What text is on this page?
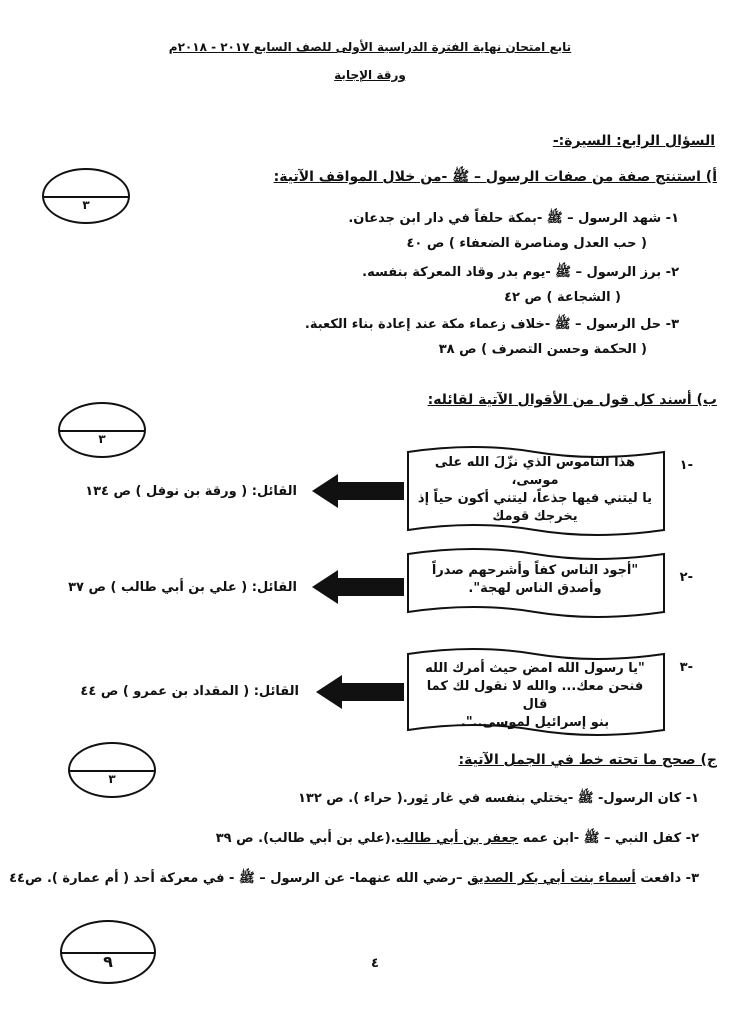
تابع امتحان نهاية الفترة الدراسية الأولى للصف السابع ٢٠١٧ - ٢٠١٨م
ورقة الإجابة
السؤال الرابع: السيرة:-
أ) استنتج صفة من صفات الرسول – ﷺ -من خلال المواقف الآتية:
٣
١- شهد الرسول – ﷺ -بمكة حلفاً في دار ابن جدعان.
( حب العدل ومناصرة الضعفاء ) ص ٤٠
٢- برز الرسول – ﷺ -يوم بدر وقاد المعركة بنفسه.
( الشجاعة ) ص ٤٢
٣- حل الرسول – ﷺ -خلاف زعماء مكة عند إعادة بناء الكعبة.
( الحكمة وحسن التصرف ) ص ٣٨
ب) أسند كل قول من الأقوال الآتية لقائله:
٣
١-
هذا الناموس الذي نزّلَ الله على موسى،
يا ليتني فيها جذعاً، ليتني أكون حياً إذ
يخرجك قومك
القائل: ( ورقة بن نوفل ) ص ١٣٤
٢-
"أجود الناس كفاً وأشرحهم صدراً
وأصدق الناس لهجة".
القائل: ( علي بن أبي طالب ) ص ٣٧
٣-
"يا رسول الله امض حيث أمرك الله
فنحن معك... والله لا نقول لك كما قال
بنو إسرائيل لموسى..".
القائل: ( المقداد بن عمرو ) ص ٤٤
ج) صحح ما تحته خط في الجمل الآتية:
٣
١- كان الرسول- ﷺ -يختلي بنفسه في غار ثور.( حراء ). ص ١٣٢
٢- كفل النبي – ﷺ -ابن عمه جعفر بن أبي طالب.(علي بن أبي طالب). ص ٣٩
٣- دافعت أسماء بنت أبي بكر الصديق –رضي الله عنهما- عن الرسول – ﷺ - في معركة أحد ( أم عمارة ). ص٤٤
٩	٤
